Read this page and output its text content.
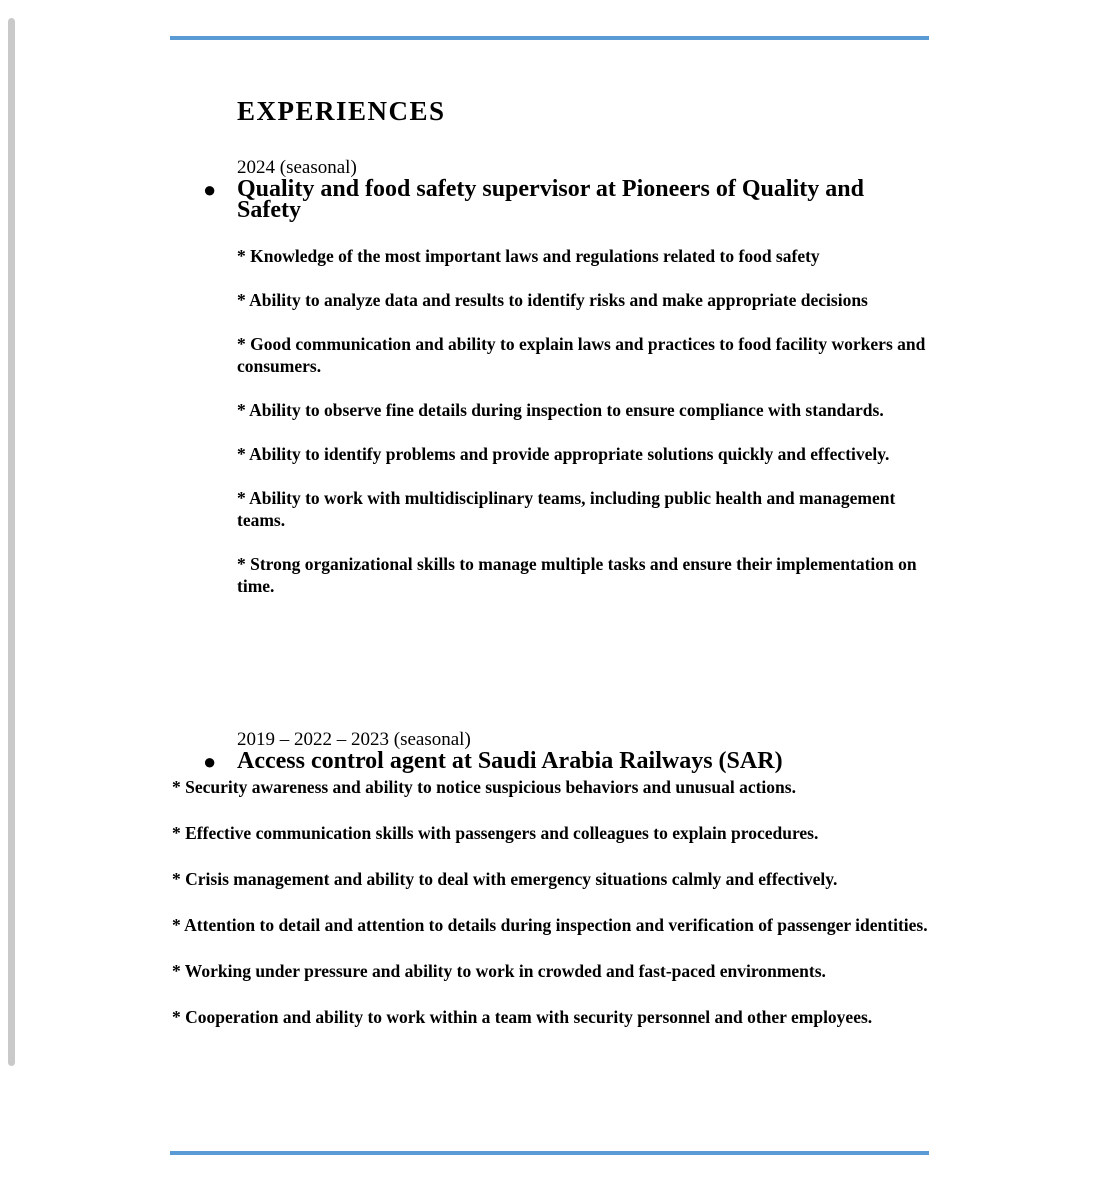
EXPERIENCES

2024 (seasonal)

● Quality and food safety supervisor at Pioneers of Quality and Safety

* Knowledge of the most important laws and regulations related to food safety
* Ability to analyze data and results to identify risks and make appropriate decisions
* Good communication and ability to explain laws and practices to food facility workers and consumers.
* Ability to observe fine details during inspection to ensure compliance with standards.
* Ability to identify problems and provide appropriate solutions quickly and effectively.
* Ability to work with multidisciplinary teams, including public health and management teams.
* Strong organizational skills to manage multiple tasks and ensure their implementation on time.

2019 – 2022 – 2023 (seasonal)

● Access control agent at Saudi Arabia Railways (SAR)

* Security awareness and ability to notice suspicious behaviors and unusual actions.
* Effective communication skills with passengers and colleagues to explain procedures.
* Crisis management and ability to deal with emergency situations calmly and effectively.
* Attention to detail and attention to details during inspection and verification of passenger identities.
* Working under pressure and ability to work in crowded and fast-paced environments.
* Cooperation and ability to work within a team with security personnel and other employees.
